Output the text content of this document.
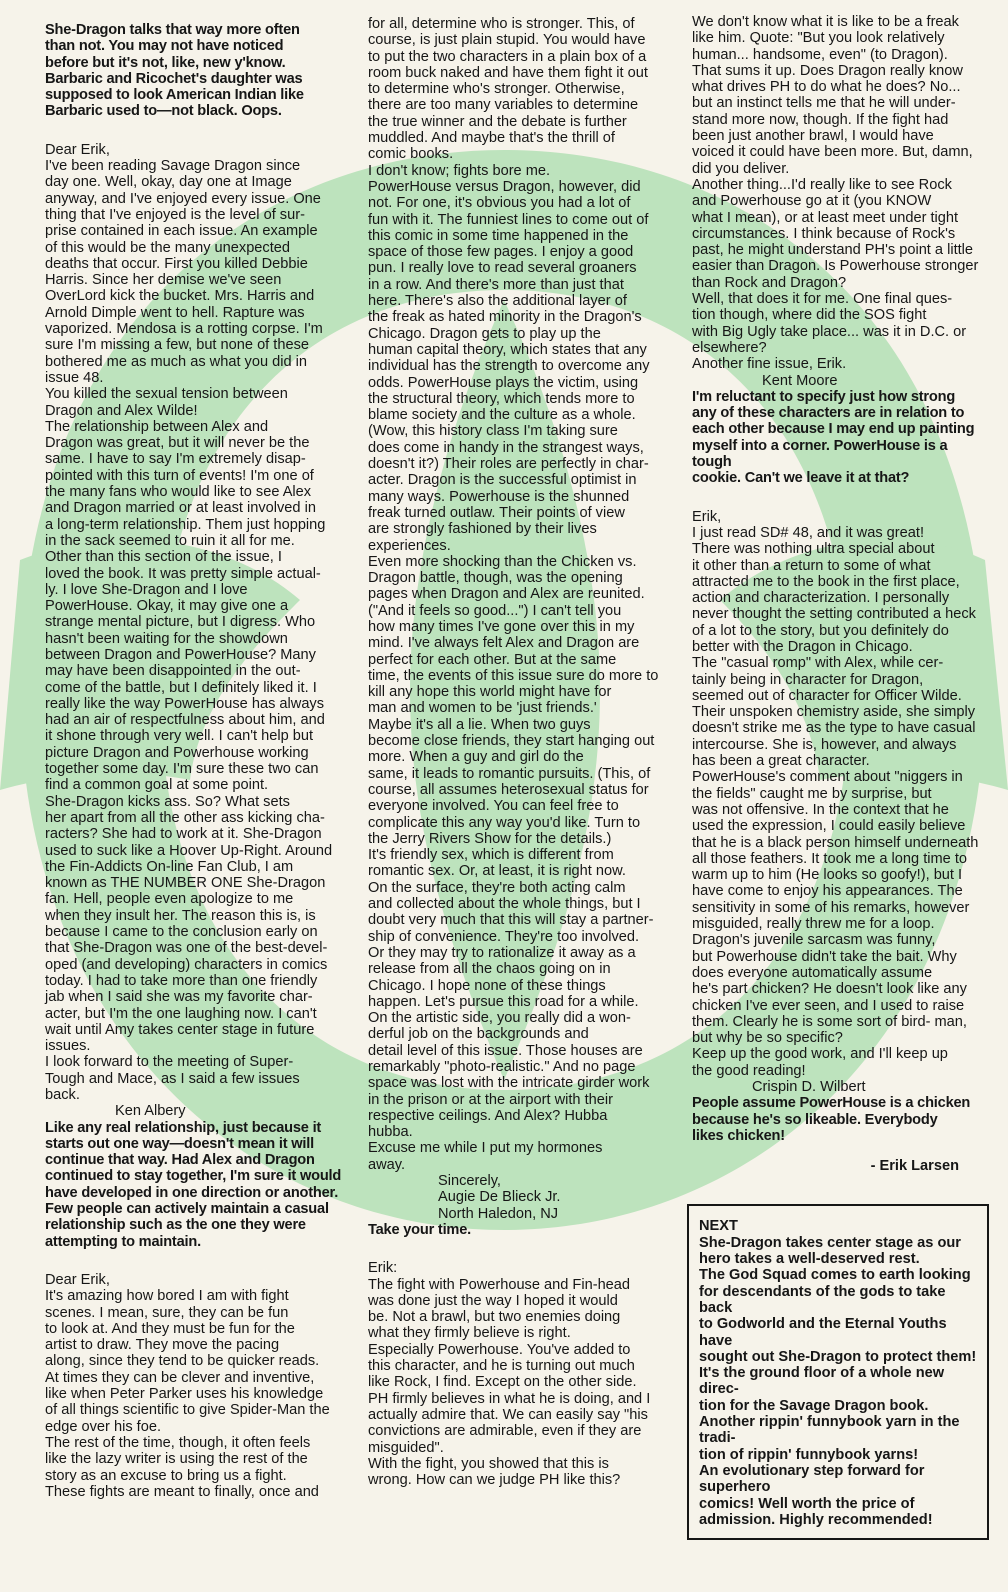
She-Dragon talks that way more often
than not. You may not have noticed
before but it's not, like, new y'know.
Barbaric and Ricochet's daughter was
supposed to look American Indian like
Barbaric used to—not black. Oops.

Dear Erik,
I've been reading Savage Dragon since
day one. Well, okay, day one at Image
anyway, and I've enjoyed every issue. One
thing that I've enjoyed is the level of sur-
prise contained in each issue. An example
of this would be the many unexpected
deaths that occur. First you killed Debbie
Harris. Since her demise we've seen
OverLord kick the bucket. Mrs. Harris and
Arnold Dimple went to hell. Rapture was
vaporized. Mendosa is a rotting corpse. I'm
sure I'm missing a few, but none of these
bothered me as much as what you did in
issue 48.
You killed the sexual tension between
Dragon and Alex Wilde!
The relationship between Alex and
Dragon was great, but it will never be the
same. I have to say I'm extremely disap-
pointed with this turn of events! I'm one of
the many fans who would like to see Alex
and Dragon married or at least involved in
a long-term relationship. Them just hopping
in the sack seemed to ruin it all for me.
Other than this section of the issue, I
loved the book. It was pretty simple actual-
ly. I love She-Dragon and I love
PowerHouse. Okay, it may give one a
strange mental picture, but I digress. Who
hasn't been waiting for the showdown
between Dragon and PowerHouse? Many
may have been disappointed in the out-
come of the battle, but I definitely liked it. I
really like the way PowerHouse has always
had an air of respectfulness about him, and
it shone through very well. I can't help but
picture Dragon and Powerhouse working
together some day. I'm sure these two can
find a common goal at some point.
She-Dragon kicks ass. So? What sets
her apart from all the other ass kicking cha-
racters? She had to work at it. She-Dragon
used to suck like a Hoover Up-Right. Around
the Fin-Addicts On-line Fan Club, I am
known as THE NUMBER ONE She-Dragon
fan. Hell, people even apologize to me
when they insult her. The reason this is, is
because I came to the conclusion early on
that She-Dragon was one of the best-devel-
oped (and developing) characters in comics
today. I had to take more than one friendly
jab when I said she was my favorite char-
acter, but I'm the one laughing now. I can't
wait until Amy takes center stage in future
issues.
I look forward to the meeting of Super-
Tough and Mace, as I said a few issues
back.

Ken Albery

Like any real relationship, just because it
starts out one way—doesn't mean it will
continue that way. Had Alex and Dragon
continued to stay together, I'm sure it would
have developed in one direction or another.
Few people can actively maintain a casual
relationship such as the one they were
attempting to maintain.

Dear Erik,
It's amazing how bored I am with fight
scenes. I mean, sure, they can be fun
to look at. And they must be fun for the
artist to draw. They move the pacing
along, since they tend to be quicker reads.
At times they can be clever and inventive,
like when Peter Parker uses his knowledge
of all things scientific to give Spider-Man the
edge over his foe.
The rest of the time, though, it often feels
like the lazy writer is using the rest of the
story as an excuse to bring us a fight.
These fights are meant to finally, once and

for all, determine who is stronger. This, of
course, is just plain stupid. You would have
to put the two characters in a plain box of a
room buck naked and have them fight it out
to determine who's stronger. Otherwise,
there are too many variables to determine
the true winner and the debate is further
muddled. And maybe that's the thrill of
comic books.
I don't know; fights bore me.
PowerHouse versus Dragon, however, did
not. For one, it's obvious you had a lot of
fun with it. The funniest lines to come out of
this comic in some time happened in the
space of those few pages. I enjoy a good
pun. I really love to read several groaners
in a row. And there's more than just that
here. There's also the additional layer of
the freak as hated minority in the Dragon's
Chicago. Dragon gets to play up the
human capital theory, which states that any
individual has the strength to overcome any
odds. PowerHouse plays the victim, using
the structural theory, which tends more to
blame society and the culture as a whole.
(Wow, this history class I'm taking sure
does come in handy in the strangest ways,
doesn't it?) Their roles are perfectly in char-
acter. Dragon is the successful optimist in
many ways. Powerhouse is the shunned
freak turned outlaw. Their points of view
are strongly fashioned by their lives
experiences.
Even more shocking than the Chicken vs.
Dragon battle, though, was the opening
pages when Dragon and Alex are reunited.
("And it feels so good...") I can't tell you
how many times I've gone over this in my
mind. I've always felt Alex and Dragon are
perfect for each other. But at the same
time, the events of this issue sure do more to
kill any hope this world might have for
man and women to be 'just friends.'
Maybe it's all a lie. When two guys
become close friends, they start hanging out
more. When a guy and girl do the
same, it leads to romantic pursuits. (This, of
course, all assumes heterosexual status for
everyone involved. You can feel free to
complicate this any way you'd like. Turn to
the Jerry Rivers Show for the details.)
It's friendly sex, which is different from
romantic sex. Or, at least, it is right now.
On the surface, they're both acting calm
and collected about the whole things, but I
doubt very much that this will stay a partner-
ship of convenience. They're too involved.
Or they may try to rationalize it away as a
release from all the chaos going on in
Chicago. I hope none of these things
happen. Let's pursue this road for a while.
On the artistic side, you really did a won-
derful job on the backgrounds and
detail level of this issue. Those houses are
remarkably "photo-realistic." And no page
space was lost with the intricate girder work
in the prison or at the airport with their
respective ceilings. And Alex? Hubba
hubba.
Excuse me while I put my hormones
away.

Sincerely,
Augie De Blieck Jr.
North Haledon, NJ

Take your time.

Erik:
The fight with Powerhouse and Fin-head
was done just the way I hoped it would
be. Not a brawl, but two enemies doing
what they firmly believe is right.
Especially Powerhouse. You've added to
this character, and he is turning out much
like Rock, I find. Except on the other side.
PH firmly believes in what he is doing, and I
actually admire that. We can easily say "his
convictions are admirable, even if they are
misguided".
With the fight, you showed that this is
wrong. How can we judge PH like this?

We don't know what it is like to be a freak
like him. Quote: "But you look relatively
human... handsome, even" (to Dragon).
That sums it up. Does Dragon really know
what drives PH to do what he does? No...
but an instinct tells me that he will under-
stand more now, though. If the fight had
been just another brawl, I would have
voiced it could have been more. But, damn,
did you deliver.
Another thing...I'd really like to see Rock
and Powerhouse go at it (you KNOW
what I mean), or at least meet under tight
circumstances. I think because of Rock's
past, he might understand PH's point a little
easier than Dragon. Is Powerhouse stronger
than Rock and Dragon?
Well, that does it for me. One final ques-
tion though, where did the SOS fight
with Big Ugly take place... was it in D.C. or
elsewhere?
Another fine issue, Erik.

Kent Moore

I'm reluctant to specify just how strong
any of these characters are in relation to
each other because I may end up painting
myself into a corner. PowerHouse is a tough
cookie. Can't we leave it at that?

Erik,
I just read SD# 48, and it was great!
There was nothing ultra special about
it other than a return to some of what
attracted me to the book in the first place,
action and characterization. I personally
never thought the setting contributed a heck
of a lot to the story, but you definitely do
better with the Dragon in Chicago.
The "casual romp" with Alex, while cer-
tainly being in character for Dragon,
seemed out of character for Officer Wilde.
Their unspoken chemistry aside, she simply
doesn't strike me as the type to have casual
intercourse. She is, however, and always
has been a great character.
PowerHouse's comment about "niggers in
the fields" caught me by surprise, but
was not offensive. In the context that he
used the expression, I could easily believe
that he is a black person himself underneath
all those feathers. It took me a long time to
warm up to him (He looks so goofy!), but I
have come to enjoy his appearances. The
sensitivity in some of his remarks, however
misguided, really threw me for a loop.
Dragon's juvenile sarcasm was funny,
but Powerhouse didn't take the bait. Why
does everyone automatically assume
he's part chicken? He doesn't look like any
chicken I've ever seen, and I used to raise
them. Clearly he is some sort of bird- man,
but why be so specific?
Keep up the good work, and I'll keep up
the good reading!

Crispin D. Wilbert

People assume PowerHouse is a chicken
because he's so likeable. Everybody
likes chicken!

- Erik Larsen

NEXT

She-Dragon takes center stage as our
hero takes a well-deserved rest.
The God Squad comes to earth looking
for descendants of the gods to take back
to Godworld and the Eternal Youths have
sought out She-Dragon to protect them!
It's the ground floor of a whole new direc-
tion for the Savage Dragon book.
Another rippin' funnybook yarn in the tradi-
tion of rippin' funnybook yarns!
An evolutionary step forward for superhero
comics! Well worth the price of
admission. Highly recommended!
